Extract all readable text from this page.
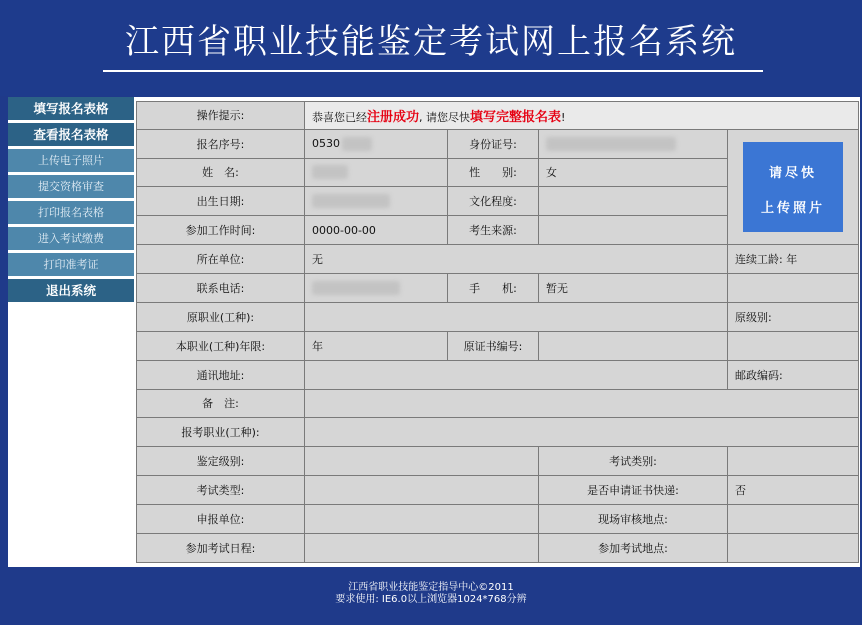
江西省职业技能鉴定考试网上报名系统
填写报名表格
查看报名表格
上传电子照片
提交资格审查
打印报名表格
进入考试缴费
打印准考证
退出系统
操作提示:	恭喜您已经注册成功, 请您尽快填写完整报名表!			
报名序号:	0530	身份证号:		请尽快
上传照片

姓　名:		性　　别:	女	
出生日期:		文化程度:		
参加工作时间:	0000-00-00	考生来源:		
所在单位:	无			连续工龄: 年
联系电话:		手　　机:	暂无	
原职业(工种):				原级别:
本职业(工种)年限:	年	原证书编号:		
通讯地址:				邮政编码:
备　注:				
报考职业(工种):				
鉴定级别:			考试类别:	
考试类型:			是否申请证书快递:	否
申报单位:			现场审核地点:	
参加考试日程:			参加考试地点:	
江西省职业技能鉴定指导中心©2011
要求使用: IE6.0以上浏览器1024*768分辨
